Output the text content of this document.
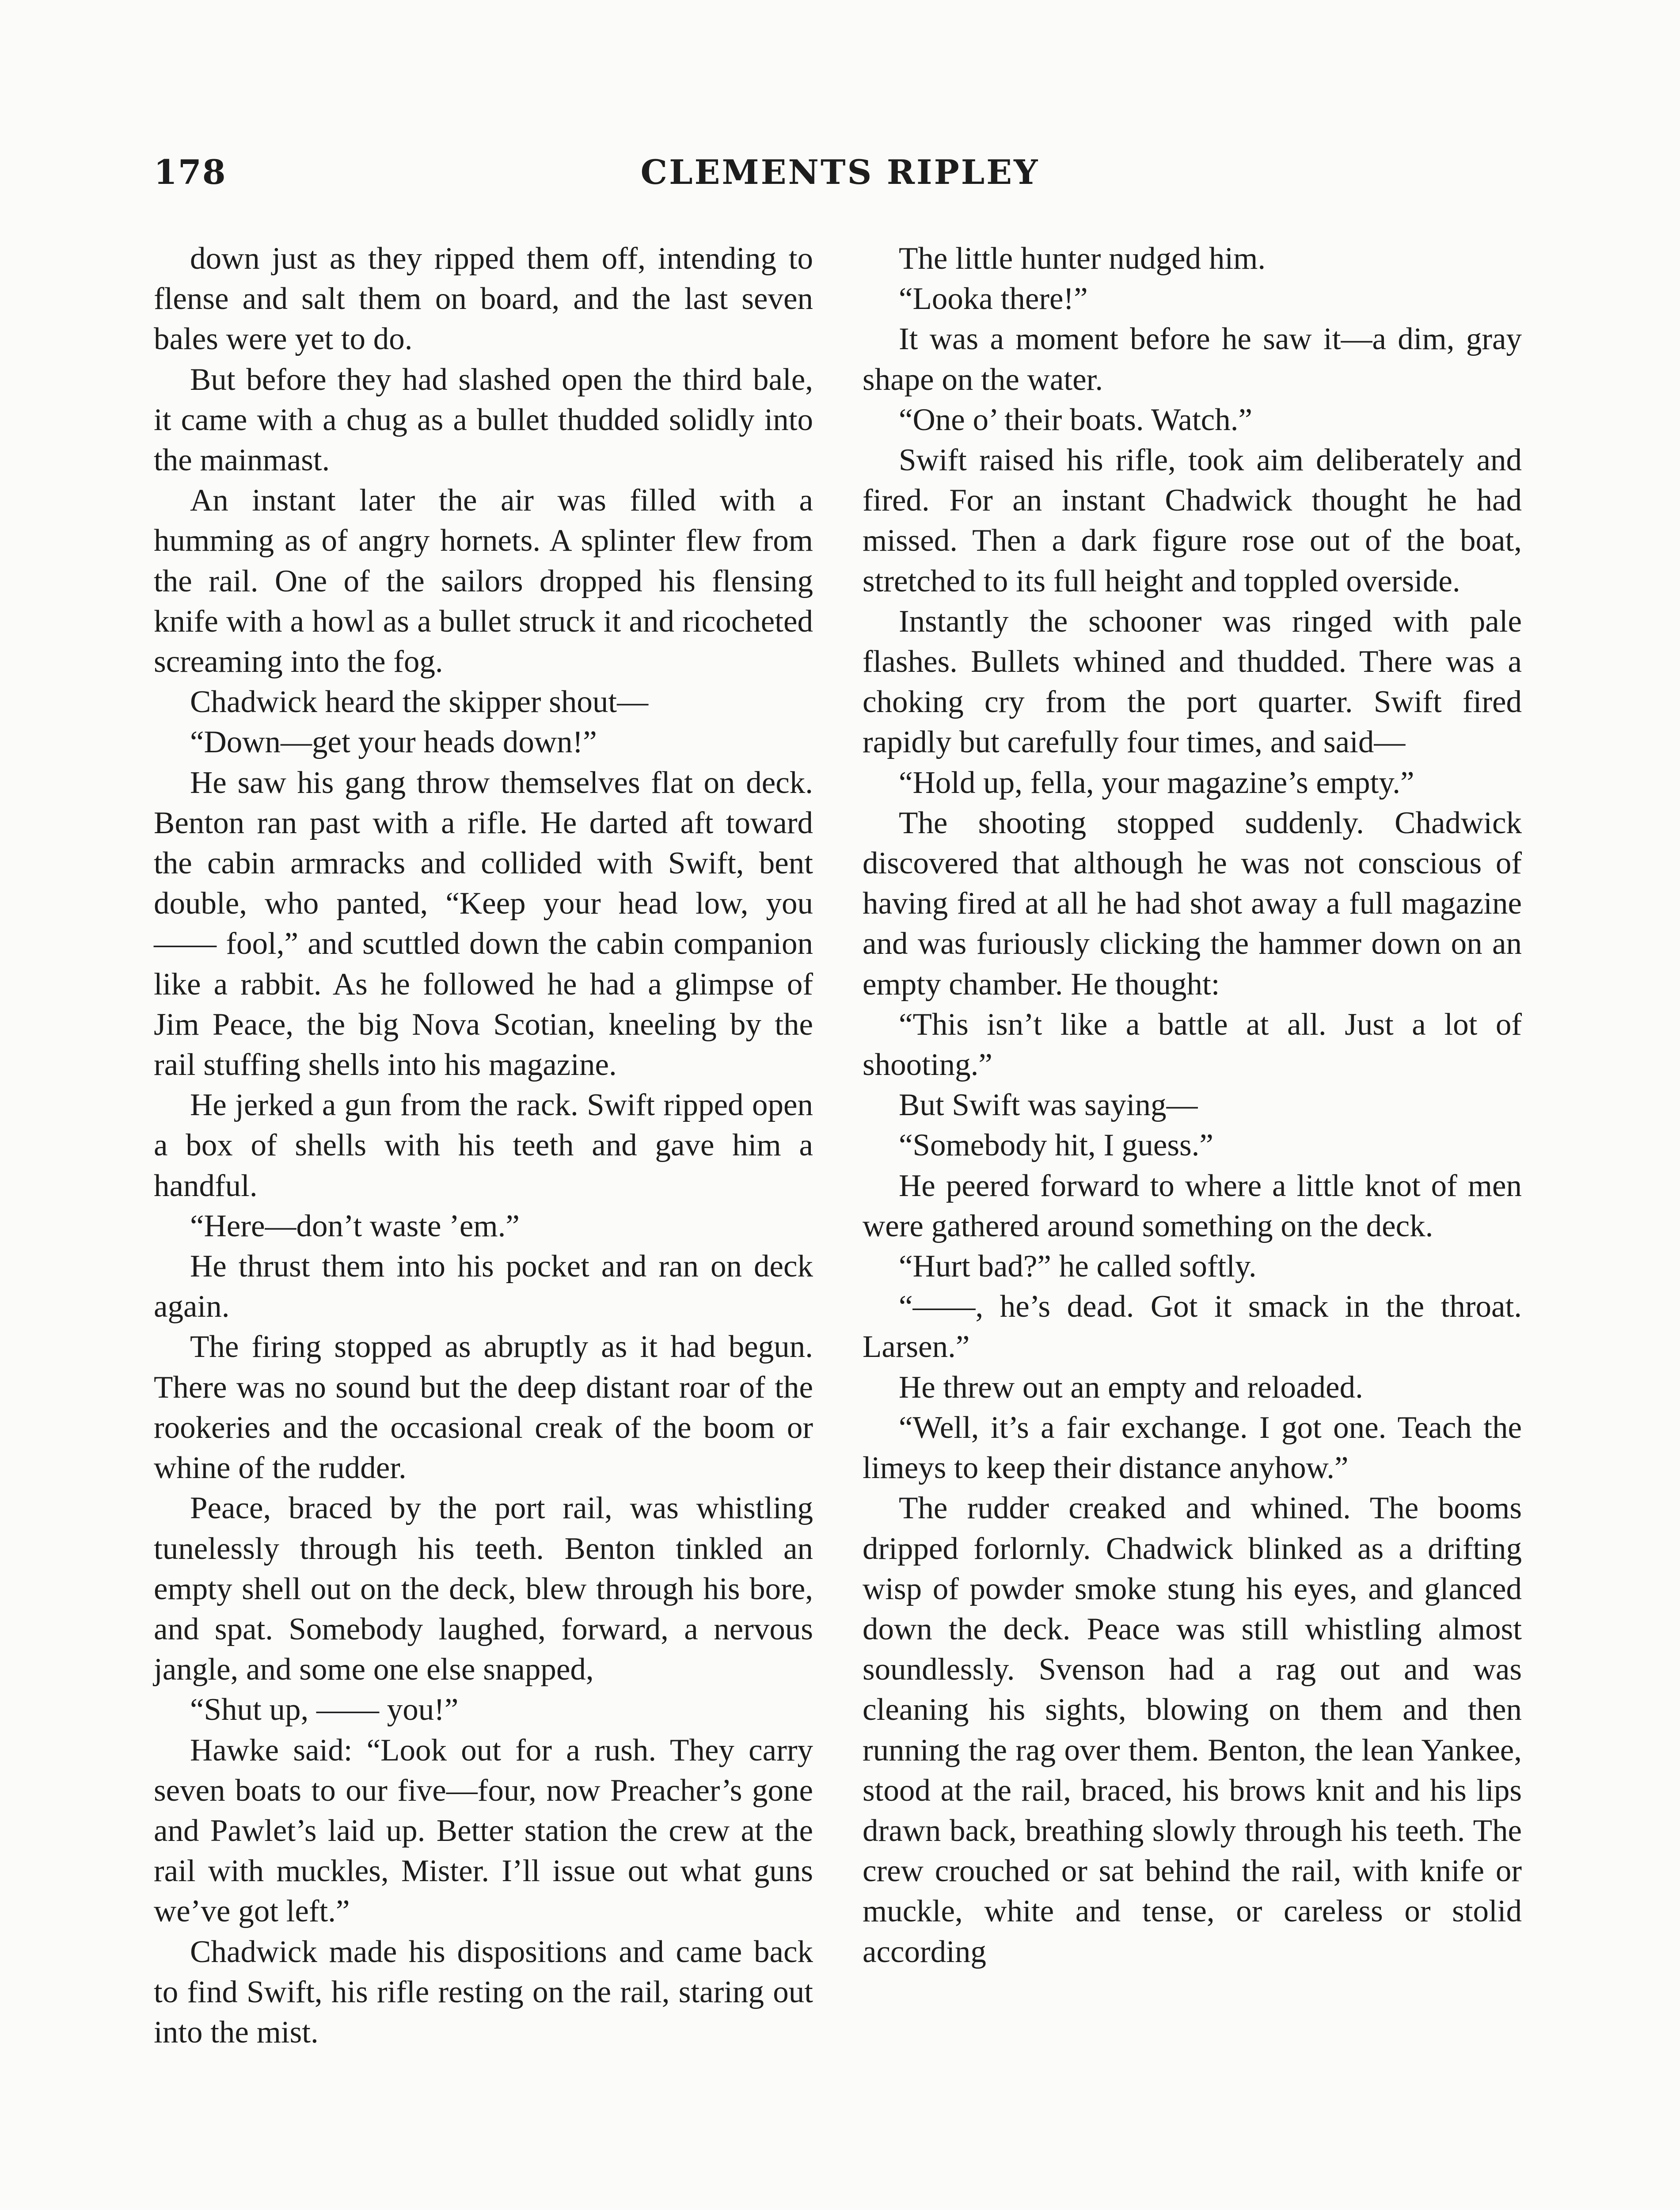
178	CLEMENTS RIPLEY

down just as they ripped them off, intending to flense and salt them on board, and the last seven bales were yet to do.

But before they had slashed open the third bale, it came with a chug as a bullet thudded solidly into the mainmast.

An instant later the air was filled with a humming as of angry hornets. A splinter flew from the rail. One of the sailors dropped his flensing knife with a howl as a bullet struck it and ricocheted screaming into the fog.

Chadwick heard the skipper shout—

“Down—get your heads down!”

He saw his gang throw themselves flat on deck. Benton ran past with a rifle. He darted aft toward the cabin armracks and collided with Swift, bent double, who panted, “Keep your head low, you —— fool,” and scuttled down the cabin companion like a rabbit. As he followed he had a glimpse of Jim Peace, the big Nova Scotian, kneeling by the rail stuffing shells into his magazine.

He jerked a gun from the rack. Swift ripped open a box of shells with his teeth and gave him a handful.

“Here—don’t waste ’em.”

He thrust them into his pocket and ran on deck again.

The firing stopped as abruptly as it had begun. There was no sound but the deep distant roar of the rookeries and the occasional creak of the boom or whine of the rudder.

Peace, braced by the port rail, was whistling tunelessly through his teeth. Benton tinkled an empty shell out on the deck, blew through his bore, and spat. Somebody laughed, forward, a nervous jangle, and some one else snapped,

“Shut up, —— you!”

Hawke said: “Look out for a rush. They carry seven boats to our five—four, now Preacher’s gone and Pawlet’s laid up. Better station the crew at the rail with muckles, Mister. I’ll issue out what guns we’ve got left.”

Chadwick made his dispositions and came back to find Swift, his rifle resting on the rail, staring out into the mist.

The little hunter nudged him.

“Looka there!”

It was a moment before he saw it—a dim, gray shape on the water.

“One o’ their boats. Watch.”

Swift raised his rifle, took aim deliberately and fired. For an instant Chadwick thought he had missed. Then a dark figure rose out of the boat, stretched to its full height and toppled overside.

Instantly the schooner was ringed with pale flashes. Bullets whined and thudded. There was a choking cry from the port quarter. Swift fired rapidly but carefully four times, and said—

“Hold up, fella, your magazine’s empty.”

The shooting stopped suddenly. Chadwick discovered that although he was not conscious of having fired at all he had shot away a full magazine and was furiously clicking the hammer down on an empty chamber. He thought:

“This isn’t like a battle at all. Just a lot of shooting.”

But Swift was saying—

“Somebody hit, I guess.”

He peered forward to where a little knot of men were gathered around something on the deck.

“Hurt bad?” he called softly.

“——, he’s dead. Got it smack in the throat. Larsen.”

He threw out an empty and reloaded.

“Well, it’s a fair exchange. I got one. Teach the limeys to keep their distance anyhow.”

The rudder creaked and whined. The booms dripped forlornly. Chadwick blinked as a drifting wisp of powder smoke stung his eyes, and glanced down the deck. Peace was still whistling almost soundlessly. Svenson had a rag out and was cleaning his sights, blowing on them and then running the rag over them. Benton, the lean Yankee, stood at the rail, braced, his brows knit and his lips drawn back, breathing slowly through his teeth. The crew crouched or sat behind the rail, with knife or muckle, white and tense, or careless or stolid according
